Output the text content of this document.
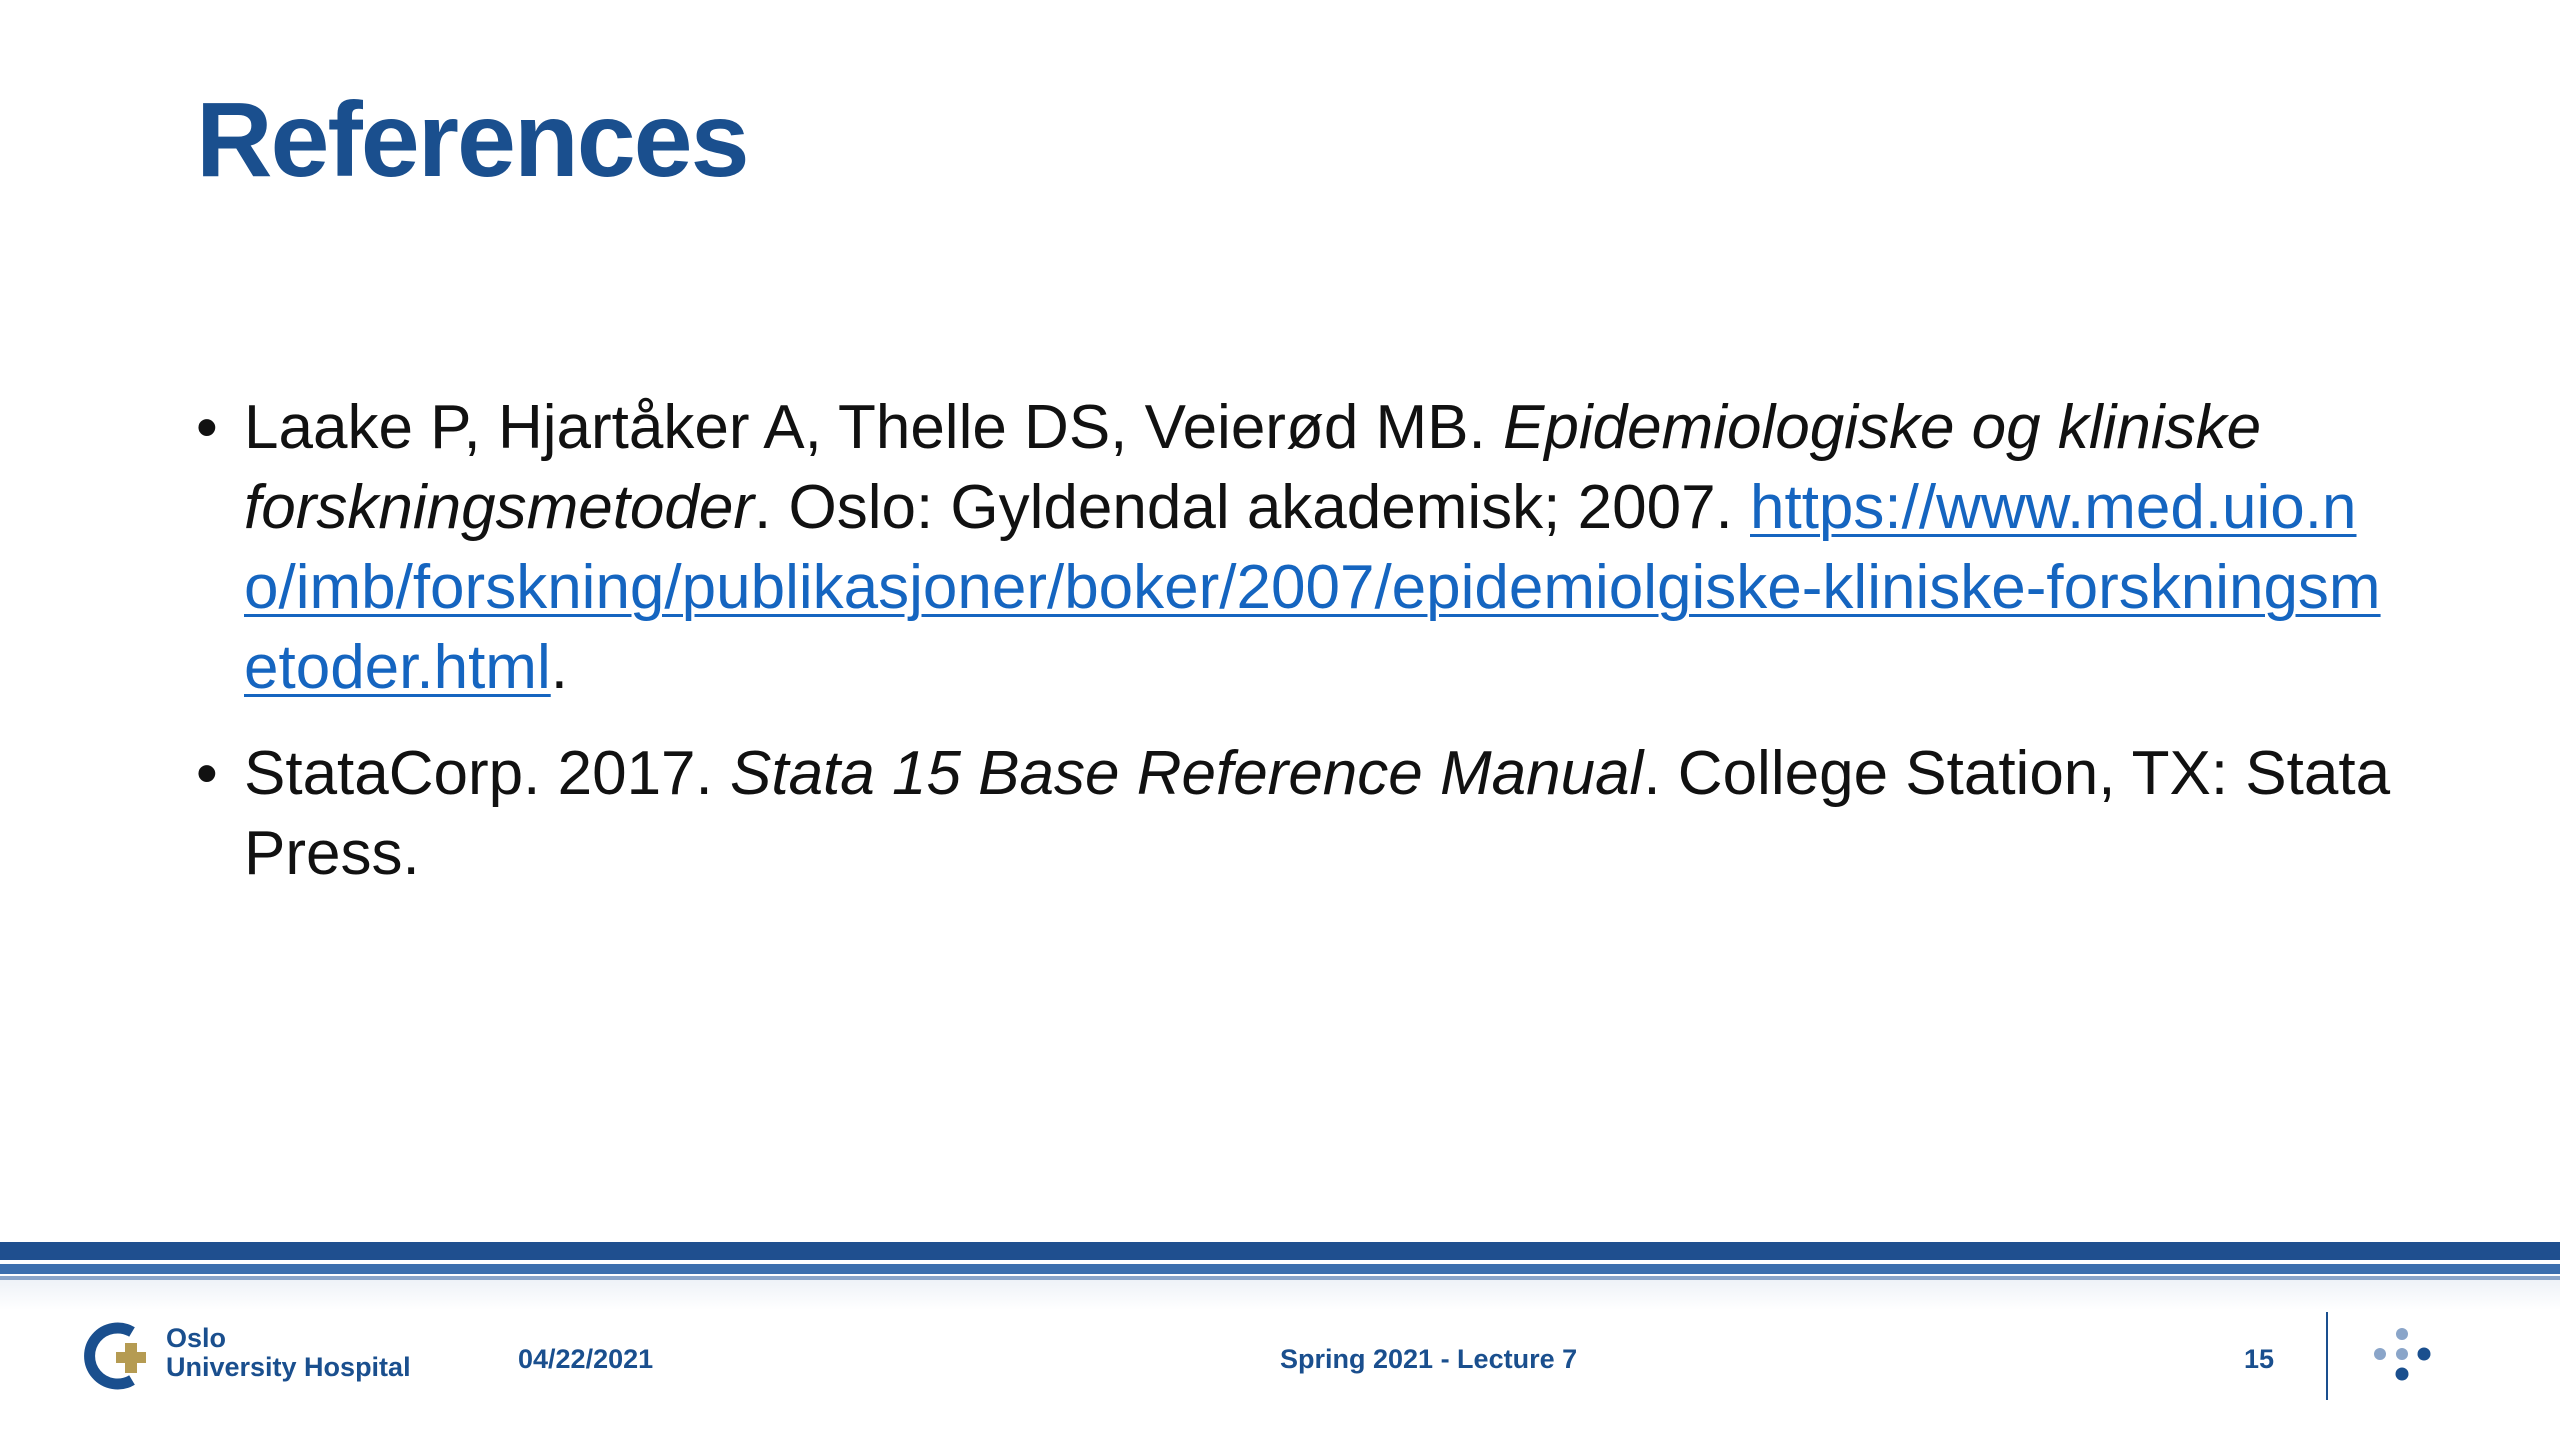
References
• Laake P, Hjartåker A, Thelle DS, Veierød MB. Epidemiologiske og kliniske forskningsmetoder. Oslo: Gyldendal akademisk; 2007. https://www.med.uio.no/imb/forskning/publikasjoner/boker/2007/epidemiolgiske-kliniske-forskningsmetoder.html.
• StataCorp. 2017. Stata 15 Base Reference Manual. College Station, TX: Stata Press.
Oslo
University Hospital	04/22/2021	Spring 2021 - Lecture 7	15
